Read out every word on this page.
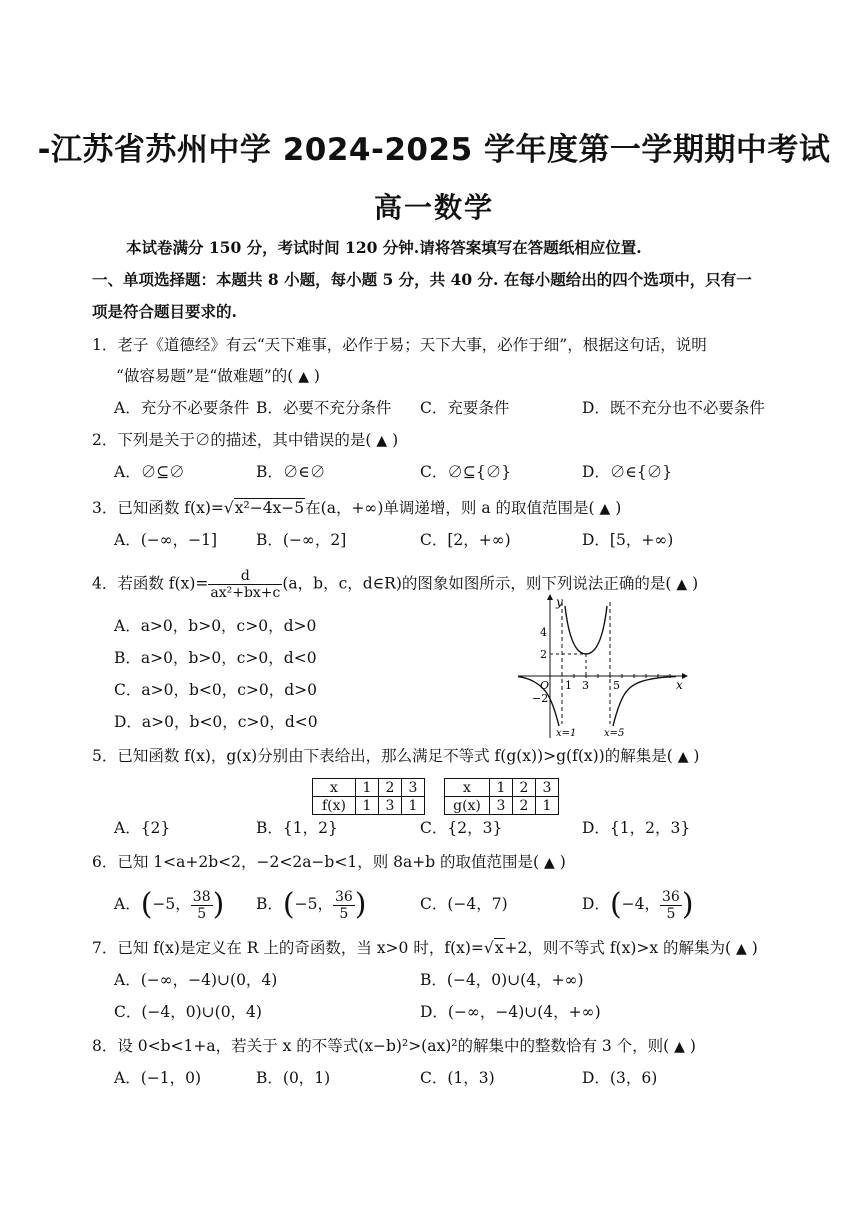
-江苏省苏州中学 2024-2025 学年度第一学期期中考试
高一数学
本试卷满分 150 分，考试时间 120 分钟.请将答案填写在答题纸相应位置.
一、单项选择题：本题共 8 小题，每小题 5 分，共 40 分. 在每小题给出的四个选项中，只有一
项是符合题目要求的.
1．老子《道德经》有云“天下难事，必作于易；天下大事，必作于细”，根据这句话，说明
“做容易题”是“做难题”的( ▲ )
A．充分不必要条件 B．必要不充分条件 C．充要条件	D．既不充分也不必要条件
2．下列是关于∅的描述，其中错误的是( ▲ )
A．∅⊆∅	B．∅∈∅	C．∅⊆{∅}	D．∅∈{∅}
3．已知函数 f(x)=√x²−4x−5在(a，+∞)单调递增，则 a 的取值范围是( ▲ )
A．(−∞，−1]	B．(−∞，2]	C．[2，+∞)	D．[5，+∞)
4．若函数 $f(x)= \frac{d}{\text{ax²+bx+c}} (a$，b，c，d∈R)的图象如图所示，则下列说法正确的是( ▲ )
A．a>0，b>0，c>0，d>0
B．a>0，b>0，c>0，d<0
C．a>0，b<0，c>0，d>0
D．a>0，b<0，c>0，d<0
y
x
O
4
2
−2
1 3 5
x=1	x=5
5．已知函数 f(x)，g(x)分别由下表给出，那么满足不等式 f(g(x))>g(f(x))的解集是( ▲ )
x	1	2	3
f(x)	1	3	1
x	1	2	3
g(x)	3	2	1
A．{2}	B．{1，2}	C．{2，3}	D．{1，2，3}
6．已知 1<a+2b<2，−2<2a−b<1，则 8a+b 的取值范围是( ▲ )
A．(−5， $\frac{38}{5}$ ) B．(−5， $\frac{36}{5}$ )	C．(−4，7)	D．(−4， $\frac{36}{5}$ )
7．已知 f(x)是定义在 R 上的奇函数，当 x>0 时，f(x)=√x+2，则不等式 f(x)>x 的解集为( ▲ )
A．(−∞，−4)∪(0，4)	B．(−4，0)∪(4，+∞)
C．(−4，0)∪(0，4)	D．(−∞，−4)∪(4，+∞)
8．设 0<b<1+a，若关于 x 的不等式(x−b)²>(ax)²的解集中的整数恰有 3 个，则( ▲ )
A．(−1，0)	B．(0，1)	C．(1，3)	D．(3，6)
